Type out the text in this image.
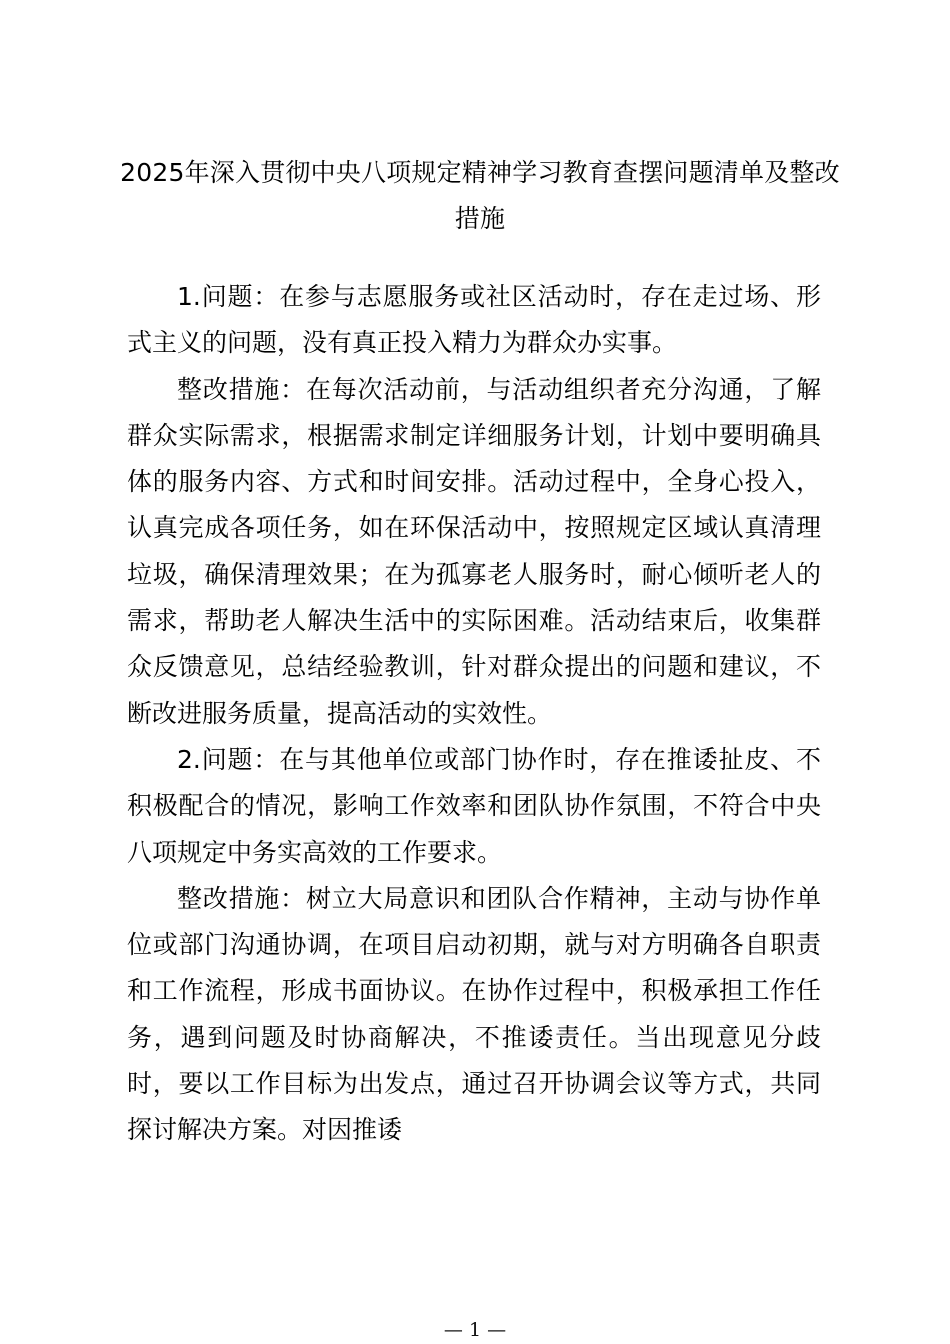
2025年深入贯彻中央八项规定精神学习教育查摆问题清单及整改措施

1.问题：在参与志愿服务或社区活动时，存在走过场、形式主义的问题，没有真正投入精力为群众办实事。

整改措施：在每次活动前，与活动组织者充分沟通，了解群众实际需求，根据需求制定详细服务计划，计划中要明确具体的服务内容、方式和时间安排。活动过程中，全身心投入，认真完成各项任务，如在环保活动中，按照规定区域认真清理垃圾，确保清理效果；在为孤寡老人服务时，耐心倾听老人的需求，帮助老人解决生活中的实际困难。活动结束后，收集群众反馈意见，总结经验教训，针对群众提出的问题和建议，不断改进服务质量，提高活动的实效性。

2.问题：在与其他单位或部门协作时，存在推诿扯皮、不积极配合的情况，影响工作效率和团队协作氛围，不符合中央八项规定中务实高效的工作要求。

整改措施：树立大局意识和团队合作精神，主动与协作单位或部门沟通协调，在项目启动初期，就与对方明确各自职责和工作流程，形成书面协议。在协作过程中，积极承担工作任务，遇到问题及时协商解决，不推诿责任。当出现意见分歧时，要以工作目标为出发点，通过召开协调会议等方式，共同探讨解决方案。对因推诿

— 1 —
